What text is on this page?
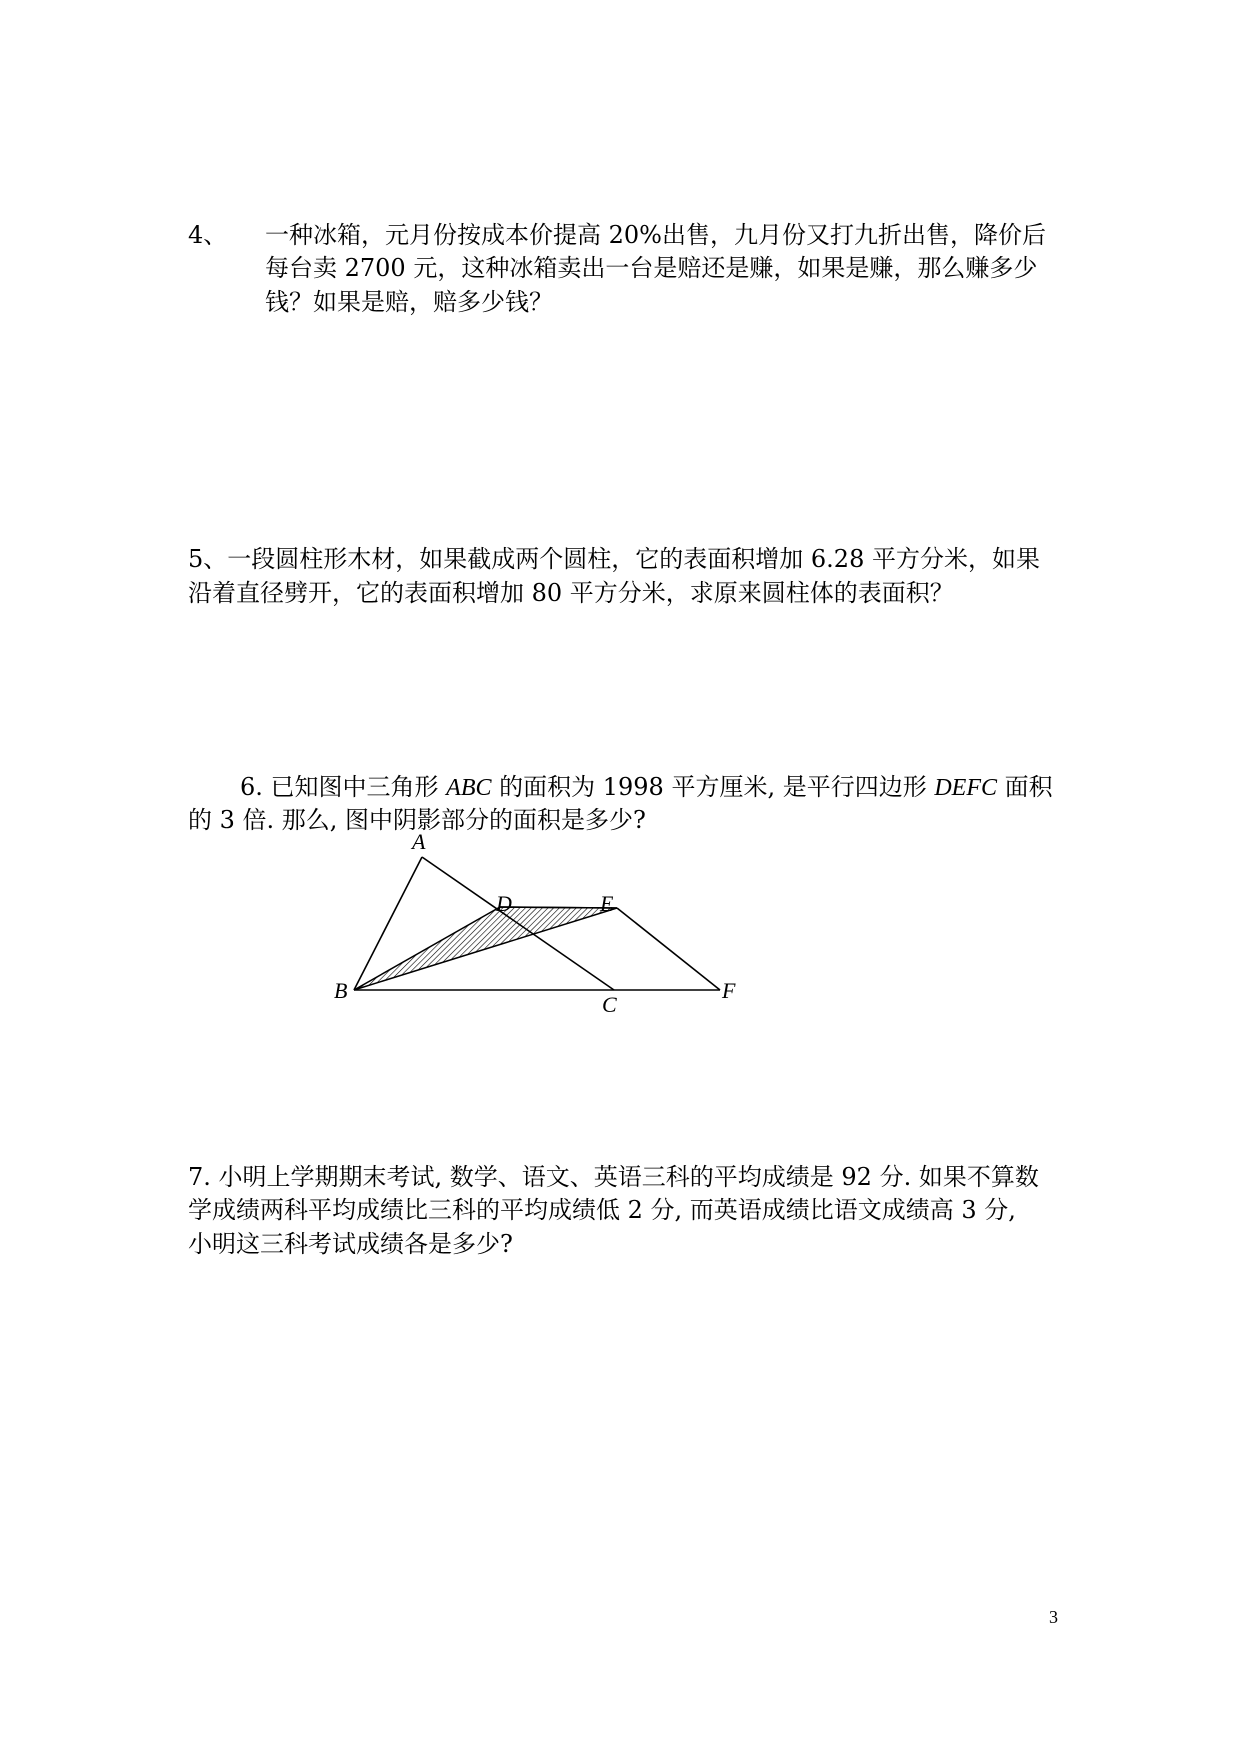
4、 一种冰箱，元月份按成本价提高 20%出售，九月份又打九折出售，降价后
每台卖 2700 元，这种冰箱卖出一台是赔还是赚，如果是赚，那么赚多少
钱？如果是赔，赔多少钱？
5、一段圆柱形木材，如果截成两个圆柱，它的表面积增加 6.28 平方分米，如果
沿着直径劈开，它的表面积增加 80 平方分米，求原来圆柱体的表面积？
6. 已知图中三角形 ABC 的面积为 1998 平方厘米, 是平行四边形 DEFC 面积
的 3 倍. 那么, 图中阴影部分的面积是多少?
A
D	E
B
C
F
7. 小明上学期期末考试, 数学、语文、英语三科的平均成绩是 92 分. 如果不算数
学成绩两科平均成绩比三科的平均成绩低 2 分, 而英语成绩比语文成绩高 3 分,
小明这三科考试成绩各是多少?
3
